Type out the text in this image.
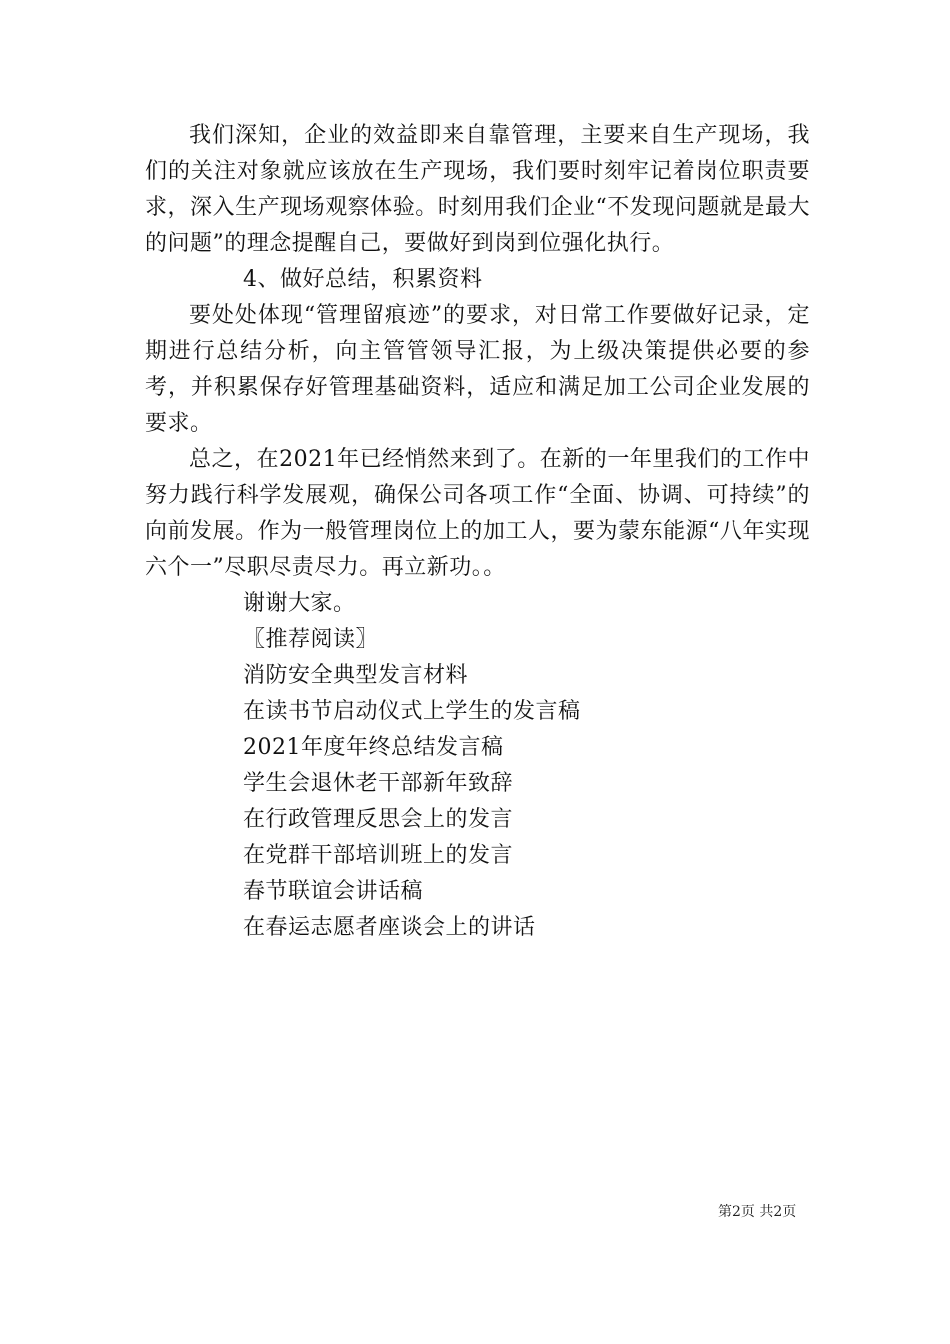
我们深知，企业的效益即来自靠管理，主要来自生产现场，我们的关注对象就应该放在生产现场，我们要时刻牢记着岗位职责要求，深入生产现场观察体验。时刻用我们企业“不发现问题就是最大的问题”的理念提醒自己，要做好到岗到位强化执行。

4、做好总结，积累资料

要处处体现“管理留痕迹”的要求，对日常工作要做好记录，定期进行总结分析，向主管管领导汇报，为上级决策提供必要的参考，并积累保存好管理基础资料，适应和满足加工公司企业发展的要求。

总之，在2021年已经悄然来到了。在新的一年里我们的工作中努力践行科学发展观，确保公司各项工作“全面、协调、可持续”的向前发展。作为一般管理岗位上的加工人，要为蒙东能源“八年实现六个一”尽职尽责尽力。再立新功。。

谢谢大家。

〖推荐阅读〗

消防安全典型发言材料

在读书节启动仪式上学生的发言稿

2021年度年终总结发言稿

学生会退休老干部新年致辞

在行政管理反思会上的发言

在党群干部培训班上的发言

春节联谊会讲话稿

在春运志愿者座谈会上的讲话

第2页 共2页
